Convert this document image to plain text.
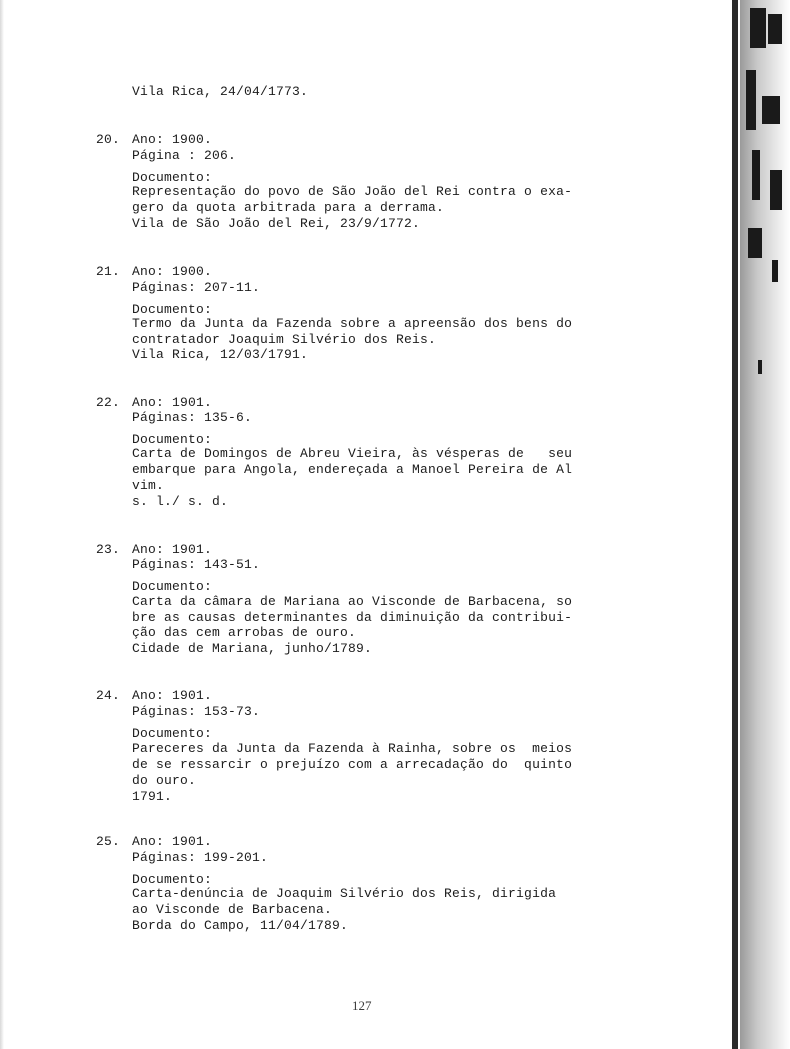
Vila Rica, 24/04/1773.
20. Ano: 1900.
Página : 206.
Documento:
Representação do povo de São João del Rei contra o exa-
gero da quota arbitrada para a derrama.
Vila de São João del Rei, 23/9/1772.
21. Ano: 1900.
Páginas: 207-11.
Documento:
Termo da Junta da Fazenda sobre a apreensão dos bens do
contratador Joaquim Silvério dos Reis.
Vila Rica, 12/03/1791.
22. Ano: 1901.
Páginas: 135-6.
Documento:
Carta de Domingos de Abreu Vieira, às vésperas de   seu
embarque para Angola, endereçada a Manoel Pereira de Al
vim.
s. l./ s. d.
23. Ano: 1901.
Páginas: 143-51.
Documento:
Carta da câmara de Mariana ao Visconde de Barbacena, so
bre as causas determinantes da diminuição da contribui-
ção das cem arrobas de ouro.
Cidade de Mariana, junho/1789.
24. Ano: 1901.
Páginas: 153-73.
Documento:
Pareceres da Junta da Fazenda à Rainha, sobre os  meios
de se ressarcir o prejuízo com a arrecadação do  quinto
do ouro.
1791.
25. Ano: 1901.
Páginas: 199-201.
Documento:
Carta-denúncia de Joaquim Silvério dos Reis, dirigida
ao Visconde de Barbacena.
Borda do Campo, 11/04/1789.
127
